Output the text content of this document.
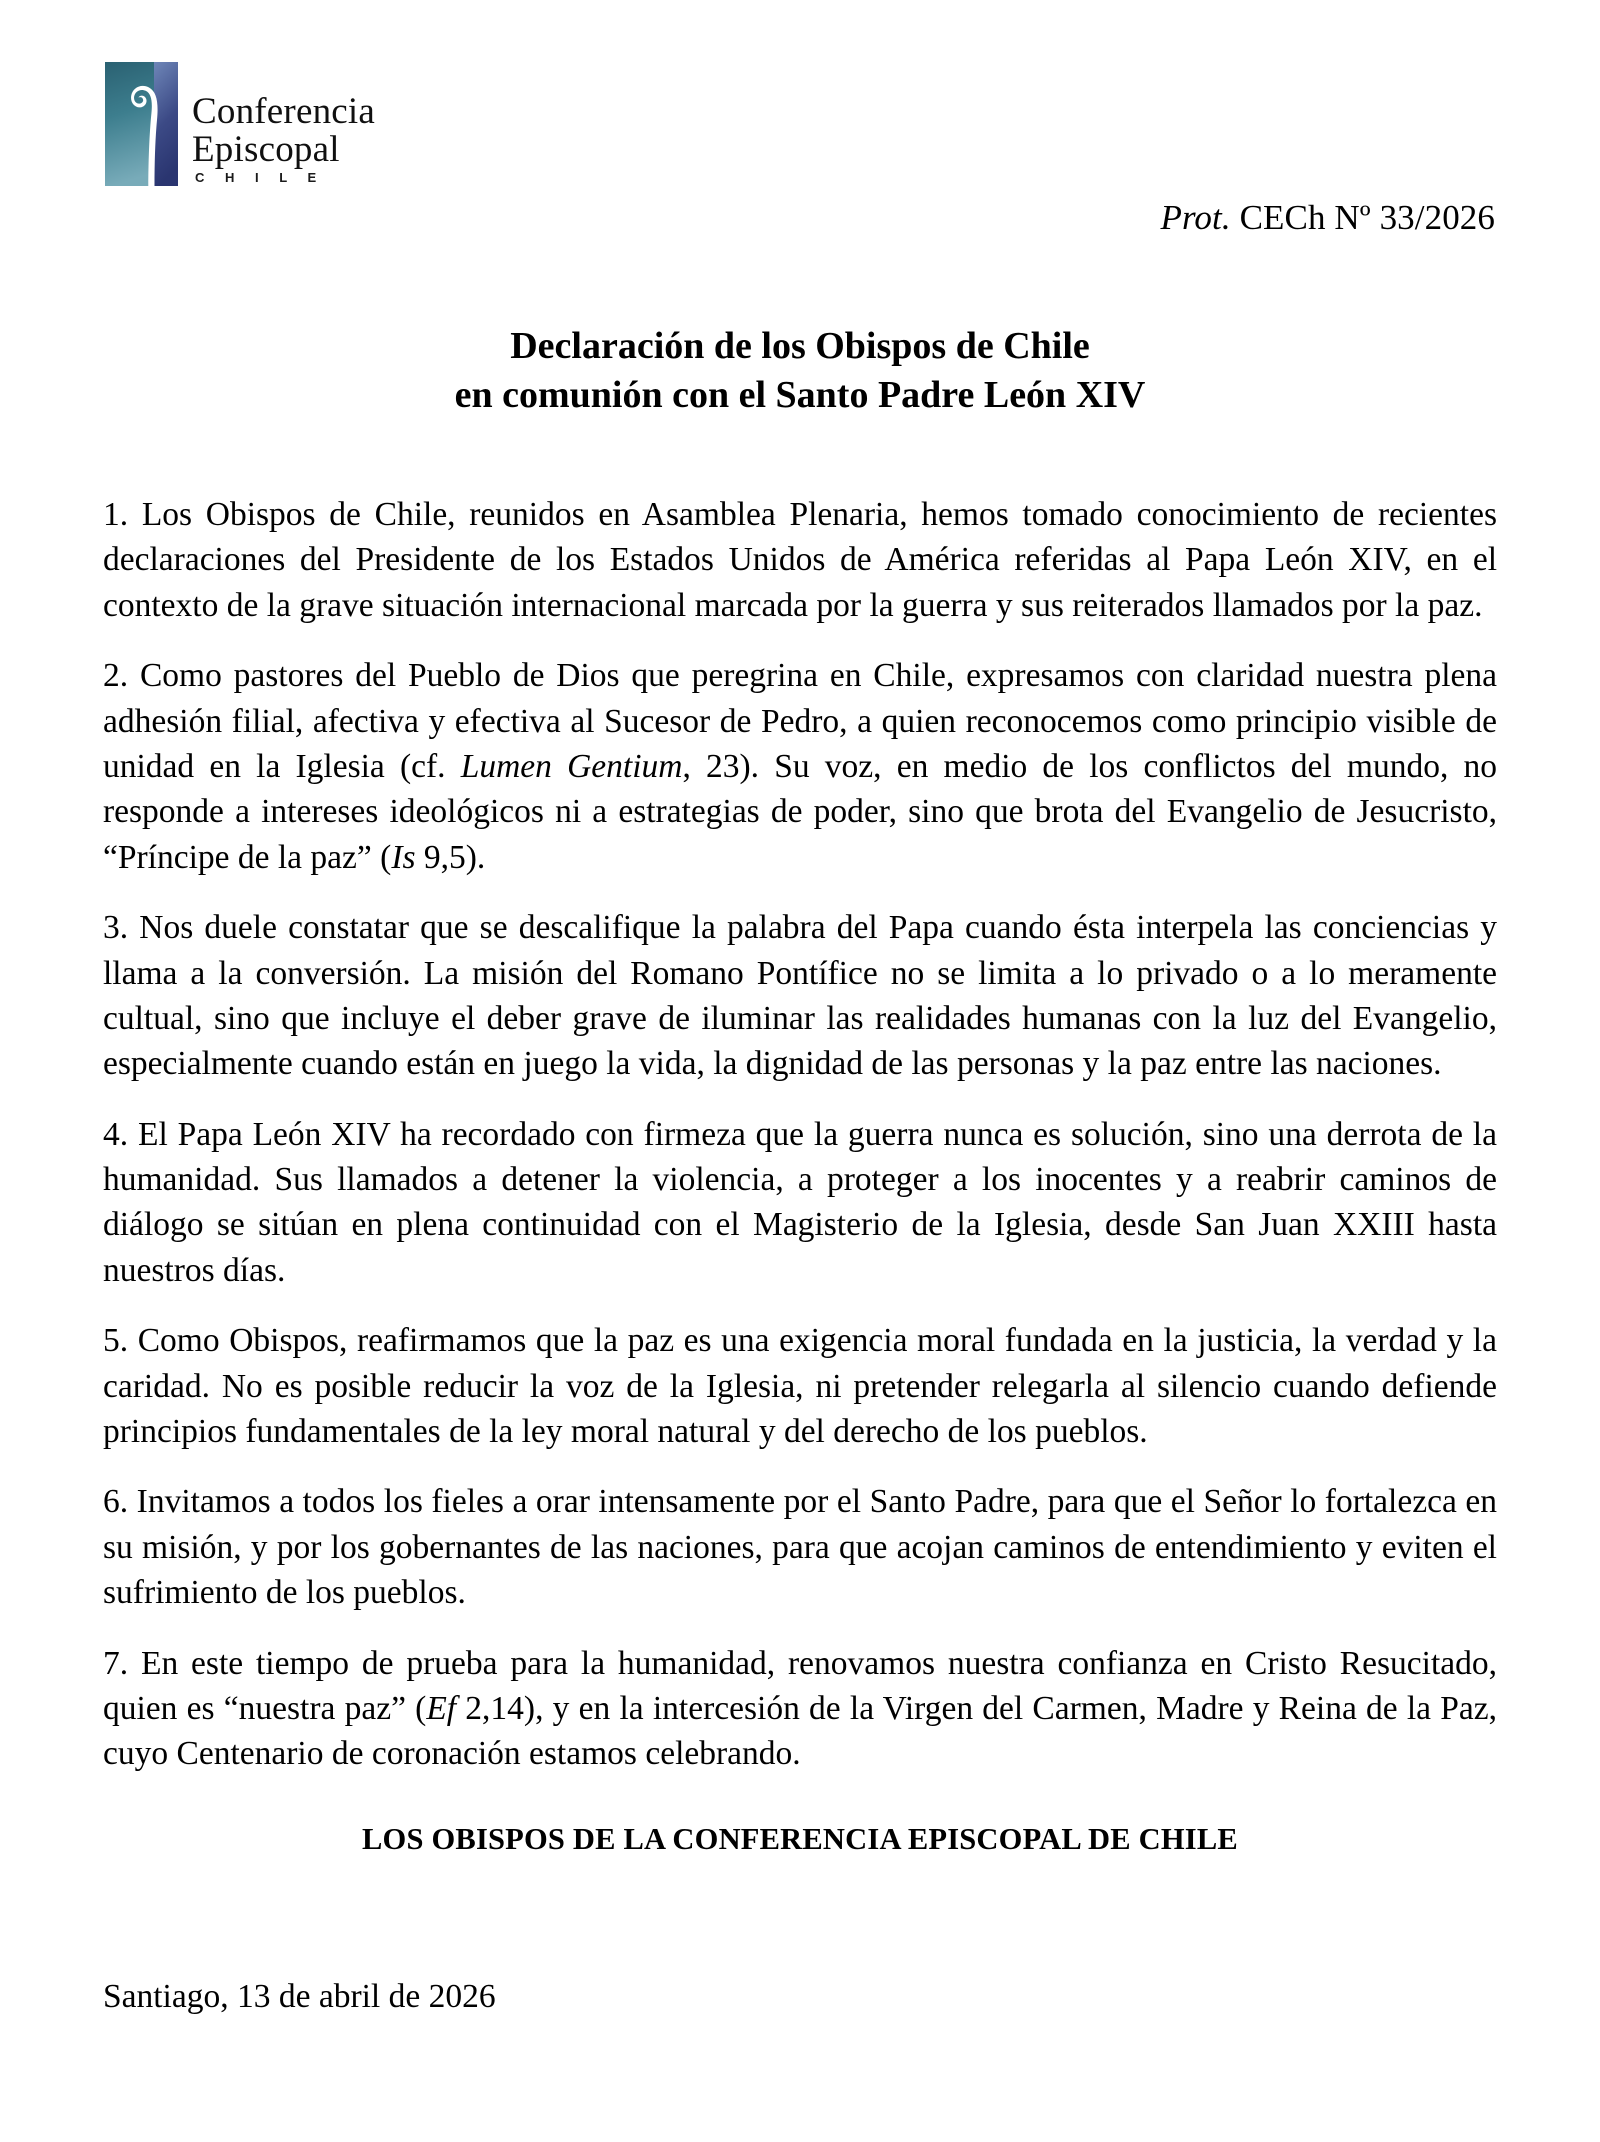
Conferencia
Episcopal
C H I L E
Prot. CECh Nº 33/2026
Declaración de los Obispos de Chile
en comunión con el Santo Padre León XIV

1. Los Obispos de Chile, reunidos en Asamblea Plenaria, hemos tomado conocimiento de recientes declaraciones del Presidente de los Estados Unidos de América referidas al Papa León XIV, en el contexto de la grave situación internacional marcada por la guerra y sus reiterados llamados por la paz.

2. Como pastores del Pueblo de Dios que peregrina en Chile, expresamos con claridad nuestra plena adhesión filial, afectiva y efectiva al Sucesor de Pedro, a quien reconocemos como principio visible de unidad en la Iglesia (cf. Lumen Gentium, 23). Su voz, en medio de los conflictos del mundo, no responde a intereses ideológicos ni a estrategias de poder, sino que brota del Evangelio de Jesucristo, “Príncipe de la paz” (Is 9,5).

3. Nos duele constatar que se descalifique la palabra del Papa cuando ésta interpela las conciencias y llama a la conversión. La misión del Romano Pontífice no se limita a lo privado o a lo meramente cultual, sino que incluye el deber grave de iluminar las realidades humanas con la luz del Evangelio, especialmente cuando están en juego la vida, la dignidad de las personas y la paz entre las naciones.

4. El Papa León XIV ha recordado con firmeza que la guerra nunca es solución, sino una derrota de la humanidad. Sus llamados a detener la violencia, a proteger a los inocentes y a reabrir caminos de diálogo se sitúan en plena continuidad con el Magisterio de la Iglesia, desde San Juan XXIII hasta nuestros días.

5. Como Obispos, reafirmamos que la paz es una exigencia moral fundada en la justicia, la verdad y la caridad. No es posible reducir la voz de la Iglesia, ni pretender relegarla al silencio cuando defiende principios fundamentales de la ley moral natural y del derecho de los pueblos.

6. Invitamos a todos los fieles a orar intensamente por el Santo Padre, para que el Señor lo fortalezca en su misión, y por los gobernantes de las naciones, para que acojan caminos de entendimiento y eviten el sufrimiento de los pueblos.

7. En este tiempo de prueba para la humanidad, renovamos nuestra confianza en Cristo Resucitado, quien es “nuestra paz” (Ef 2,14), y en la intercesión de la Virgen del Carmen, Madre y Reina de la Paz, cuyo Centenario de coronación estamos celebrando.

LOS OBISPOS DE LA CONFERENCIA EPISCOPAL DE CHILE
Santiago, 13 de abril de 2026
